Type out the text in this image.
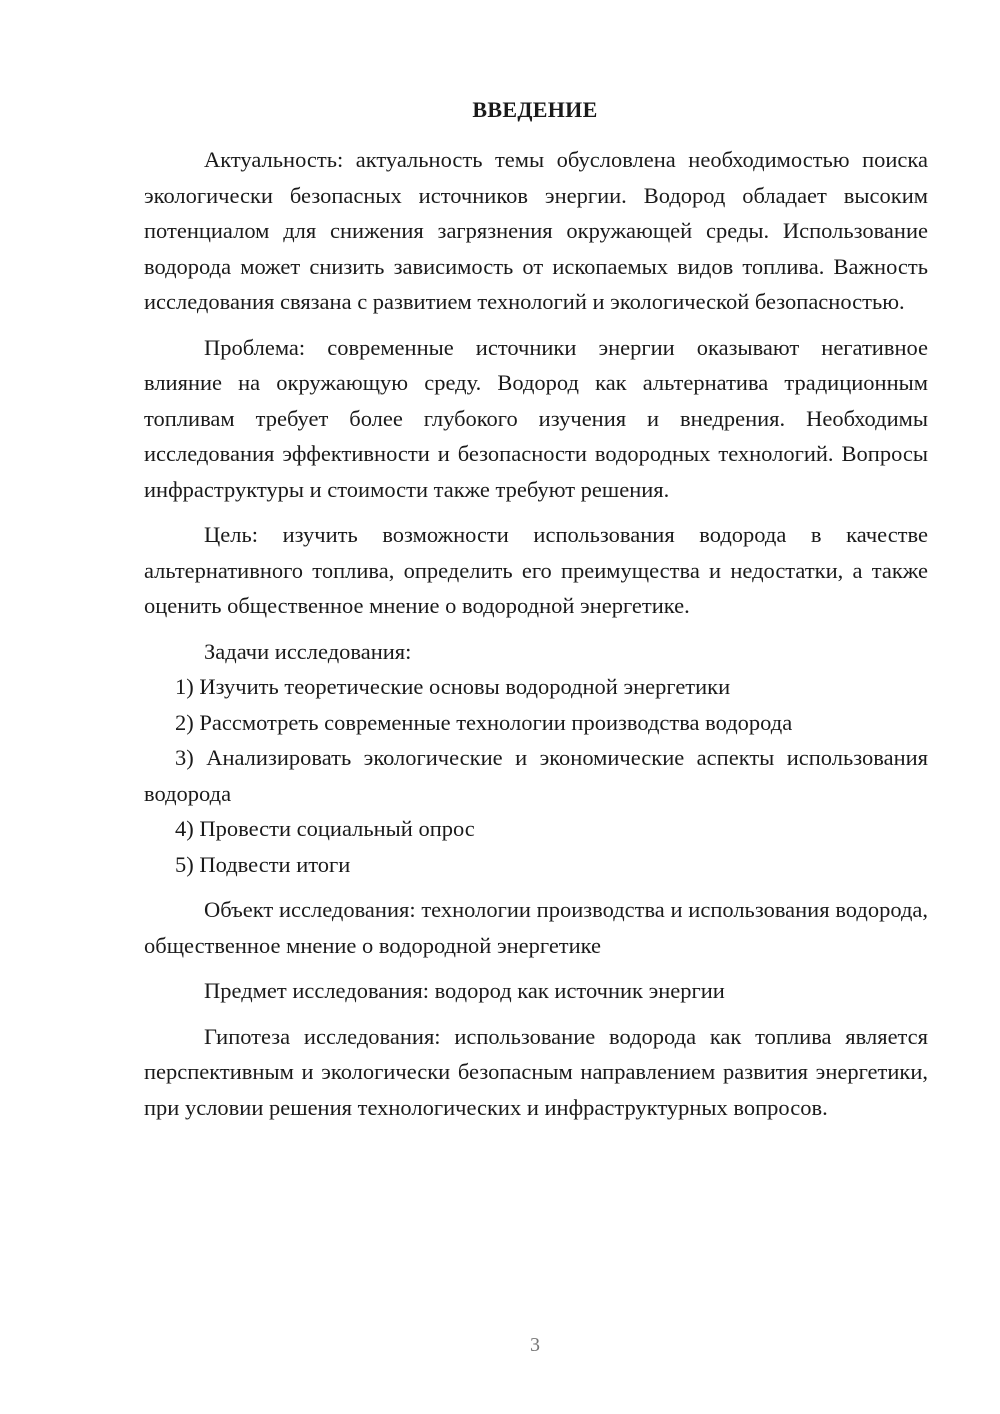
ВВЕДЕНИЕ

Актуальность: актуальность темы обусловлена необходимостью поиска экологически безопасных источников энергии. Водород обладает высоким потенциалом для снижения загрязнения окружающей среды. Использование водорода может снизить зависимость от ископаемых видов топлива. Важность исследования связана с развитием технологий и экологической безопасностью.

Проблема: современные источники энергии оказывают негативное влияние на окружающую среду. Водород как альтернатива традиционным топливам требует более глубокого изучения и внедрения. Необходимы исследования эффективности и безопасности водородных технологий. Вопросы инфраструктуры и стоимости также требуют решения.

Цель: изучить возможности использования водорода в качестве альтернативного топлива, определить его преимущества и недостатки, а также оценить общественное мнение о водородной энергетике.

Задачи исследования:

1) Изучить теоретические основы водородной энергетики

2) Рассмотреть современные технологии производства водорода

3) Анализировать экологические и экономические аспекты использования водорода

4) Провести социальный опрос

5) Подвести итоги

Объект исследования: технологии производства и использования водорода, общественное мнение о водородной энергетике

Предмет исследования: водород как источник энергии

Гипотеза исследования: использование водорода как топлива является перспективным и экологически безопасным направлением развития энергетики, при условии решения технологических и инфраструктурных вопросов.

3
